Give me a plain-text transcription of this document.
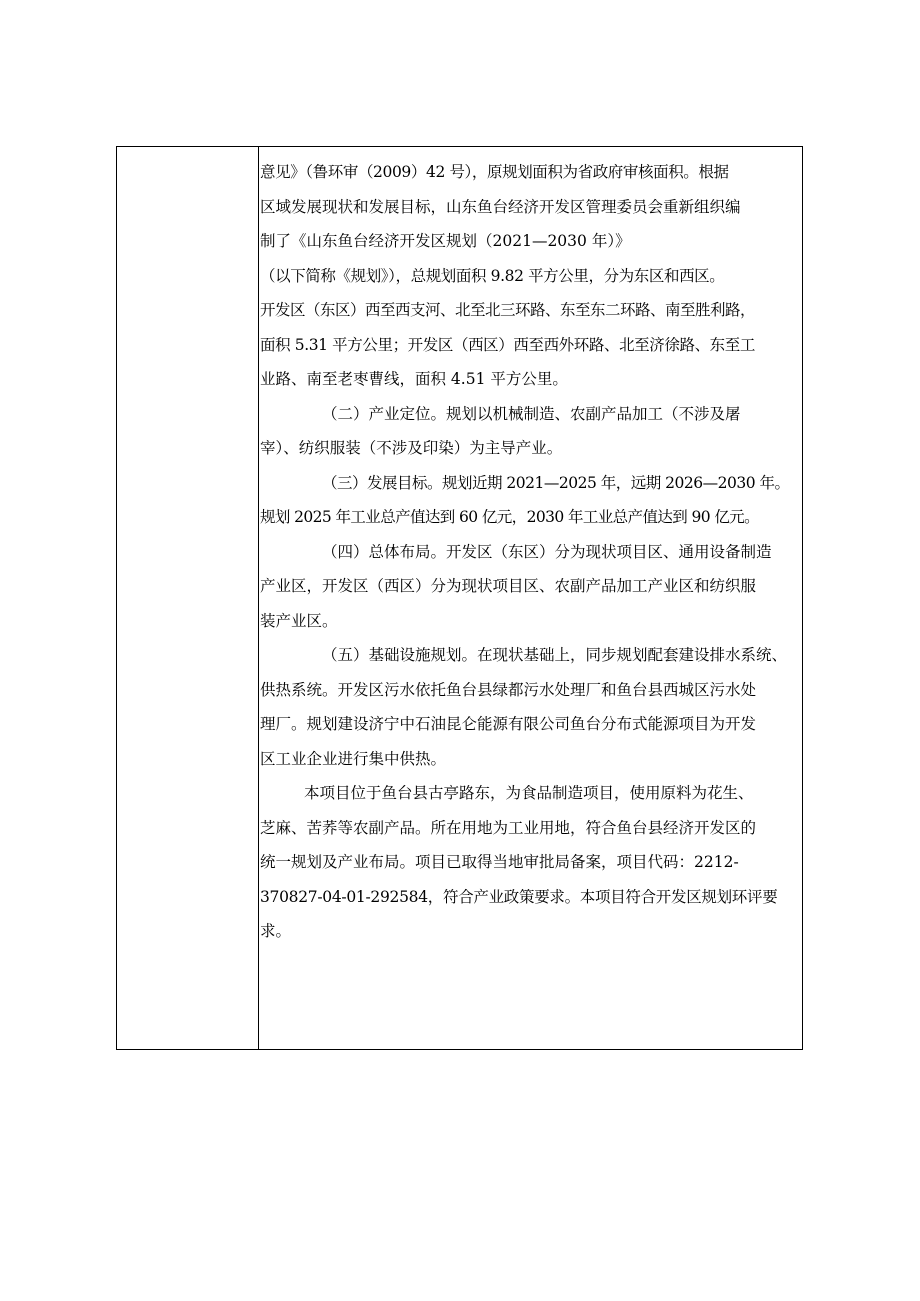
意见》（鲁环审（2009）42 号），原规划面积为省政府审核面积。根据
区域发展现状和发展目标，山东鱼台经济开发区管理委员会重新组织编
制了《山东鱼台经济开发区规划（2021—2030 年）》
（以下简称《规划》），总规划面积 9.82 平方公里，分为东区和西区。
开发区（东区）西至西支河、北至北三环路、东至东二环路、南至胜利路，
面积 5.31 平方公里；开发区（西区）西至西外环路、北至济徐路、东至工
业路、南至老枣曹线，面积 4.51 平方公里。
（二）产业定位。规划以机械制造、农副产品加工（不涉及屠
宰）、纺织服装（不涉及印染）为主导产业。
（三）发展目标。规划近期 2021—2025 年，远期 2026—2030 年。
规划 2025 年工业总产值达到 60 亿元，2030 年工业总产值达到 90 亿元。
（四）总体布局。开发区（东区）分为现状项目区、通用设备制造
产业区，开发区（西区）分为现状项目区、农副产品加工产业区和纺织服
装产业区。
（五）基础设施规划。在现状基础上，同步规划配套建设排水系统、
供热系统。开发区污水依托鱼台县绿都污水处理厂和鱼台县西城区污水处
理厂。规划建设济宁中石油昆仑能源有限公司鱼台分布式能源项目为开发
区工业企业进行集中供热。
本项目位于鱼台县古亭路东，为食品制造项目，使用原料为花生、
芝麻、苦荞等农副产品。所在用地为工业用地，符合鱼台县经济开发区的
统一规划及产业布局。项目已取得当地审批局备案，项目代码：2212-
370827-04-01-292584，符合产业政策要求。本项目符合开发区规划环评要
求。
